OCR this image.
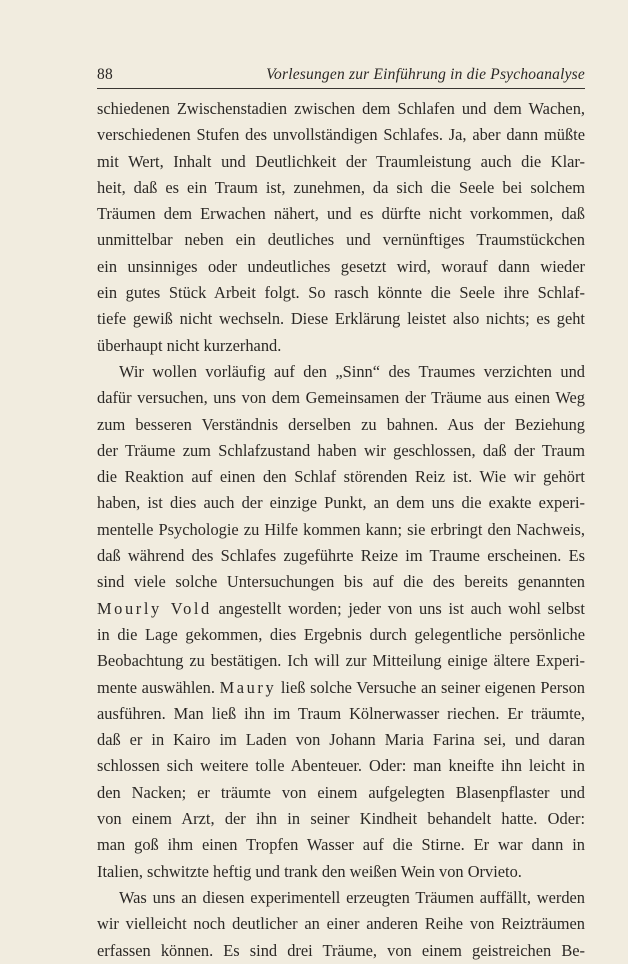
88	Vorlesungen zur Einführung in die Psychoanalyse
schiedenen Zwischenstadien zwischen dem Schlafen und dem Wachen,
verschiedenen Stufen des unvollständigen Schlafes. Ja, aber dann müßte
mit Wert, Inhalt und Deutlichkeit der Traumleistung auch die Klar-
heit, daß es ein Traum ist, zunehmen, da sich die Seele bei solchem
Träumen dem Erwachen nähert, und es dürfte nicht vorkommen, daß
unmittelbar neben ein deutliches und vernünftiges Traumstückchen
ein unsinniges oder undeutliches gesetzt wird, worauf dann wieder
ein gutes Stück Arbeit folgt. So rasch könnte die Seele ihre Schlaf-
tiefe gewiß nicht wechseln. Diese Erklärung leistet also nichts; es geht
überhaupt nicht kurzerhand.
Wir wollen vorläufig auf den „Sinn“ des Traumes verzichten und
dafür versuchen, uns von dem Gemeinsamen der Träume aus einen Weg
zum besseren Verständnis derselben zu bahnen. Aus der Beziehung
der Träume zum Schlafzustand haben wir geschlossen, daß der Traum
die Reaktion auf einen den Schlaf störenden Reiz ist. Wie wir gehört
haben, ist dies auch der einzige Punkt, an dem uns die exakte experi-
mentelle Psychologie zu Hilfe kommen kann; sie erbringt den Nachweis,
daß während des Schlafes zugeführte Reize im Traume erscheinen. Es
sind viele solche Untersuchungen bis auf die des bereits genannten
Mourly Vold angestellt worden; jeder von uns ist auch wohl selbst
in die Lage gekommen, dies Ergebnis durch gelegentliche persönliche
Beobachtung zu bestätigen. Ich will zur Mitteilung einige ältere Experi-
mente auswählen. Maury ließ solche Versuche an seiner eigenen Person
ausführen. Man ließ ihn im Traum Kölnerwasser riechen. Er träumte,
daß er in Kairo im Laden von Johann Maria Farina sei, und daran
schlossen sich weitere tolle Abenteuer. Oder: man kneifte ihn leicht in
den Nacken; er träumte von einem aufgelegten Blasenpflaster und
von einem Arzt, der ihn in seiner Kindheit behandelt hatte. Oder:
man goß ihm einen Tropfen Wasser auf die Stirne. Er war dann in
Italien, schwitzte heftig und trank den weißen Wein von Orvieto.
Was uns an diesen experimentell erzeugten Träumen auffällt, werden
wir vielleicht noch deutlicher an einer anderen Reihe von Reizträumen
erfassen können. Es sind drei Träume, von einem geistreichen Be-
